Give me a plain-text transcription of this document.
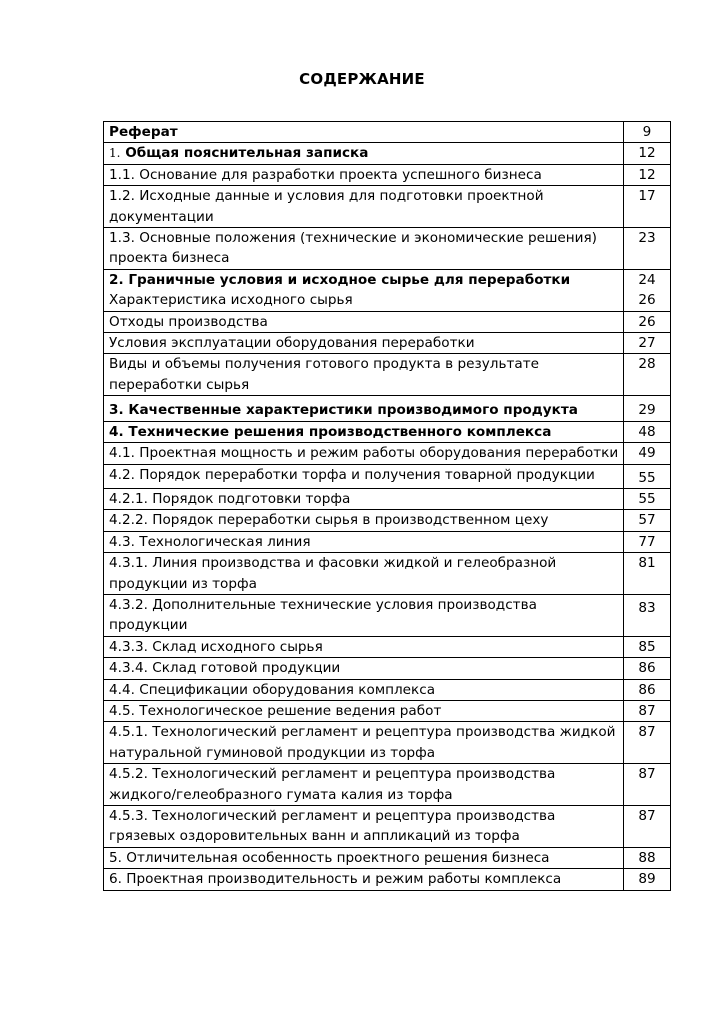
СОДЕРЖАНИЕ
Реферат	9
1. Общая пояснительная записка	12
1.1. Основание для разработки проекта успешного бизнеса	12
1.2. Исходные данные и условия для подготовки проектной документации	17
1.3. Основные положения (технические и экономические решения) проекта бизнеса	23
2. Граничные условия и исходное сырье для переработки	24
Характеристика исходного сырья	26
Отходы производства	26
Условия эксплуатации оборудования переработки	27
Виды и объемы получения готового продукта в результате переработки сырья	28
3. Качественные характеристики производимого продукта	29
4. Технические решения производственного комплекса	48
4.1. Проектная мощность и режим работы оборудования переработки	49
4.2. Порядок переработки торфа и получения товарной продукции	55
4.2.1. Порядок подготовки торфа	55
4.2.2. Порядок переработки сырья в производственном цеху	57
4.3. Технологическая линия	77
4.3.1. Линия производства и фасовки жидкой и гелеобразной продукции из торфа	81
4.3.2. Дополнительные технические условия производства продукции	83
4.3.3. Склад исходного сырья	85
4.3.4. Склад готовой продукции	86
4.4. Спецификации оборудования комплекса	86
4.5. Технологическое решение ведения работ	87
4.5.1. Технологический регламент и рецептура производства жидкой натуральной гуминовой продукции из торфа	87
4.5.2. Технологический регламент и рецептура производства жидкого/гелеобразного гумата калия из торфа	87
4.5.3. Технологический регламент и рецептура производства грязевых оздоровительных ванн и аппликаций из торфа	87
5. Отличительная особенность проектного решения бизнеса	88
6. Проектная производительность и режим работы комплекса	89
